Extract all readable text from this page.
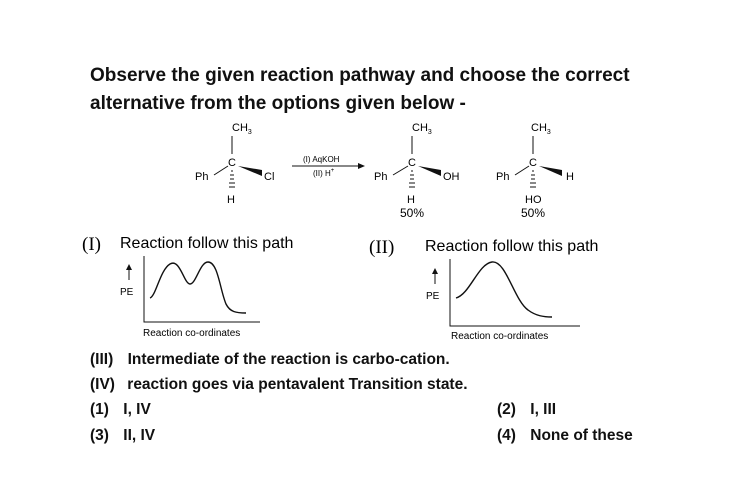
Observe the given reaction pathway and choose the correct
alternative from the options given below -
$CH_3$
C
Ph	Cl
H
(I) AqKOH
(II) H+
$CH_3$
C
Ph	OH
H
50%
$CH_3$
C
Ph	H
HO
50%
(I) Reaction follow this path
PE
Reaction co-ordinates
(II) Reaction follow this path
PE
Reaction co-ordinates
(III) Intermediate of the reaction is carbo-cation.
(IV) reaction goes via pentavalent Transition state.
(1) I, IV	(2) I, III
(3) II, IV	(4) None of these
